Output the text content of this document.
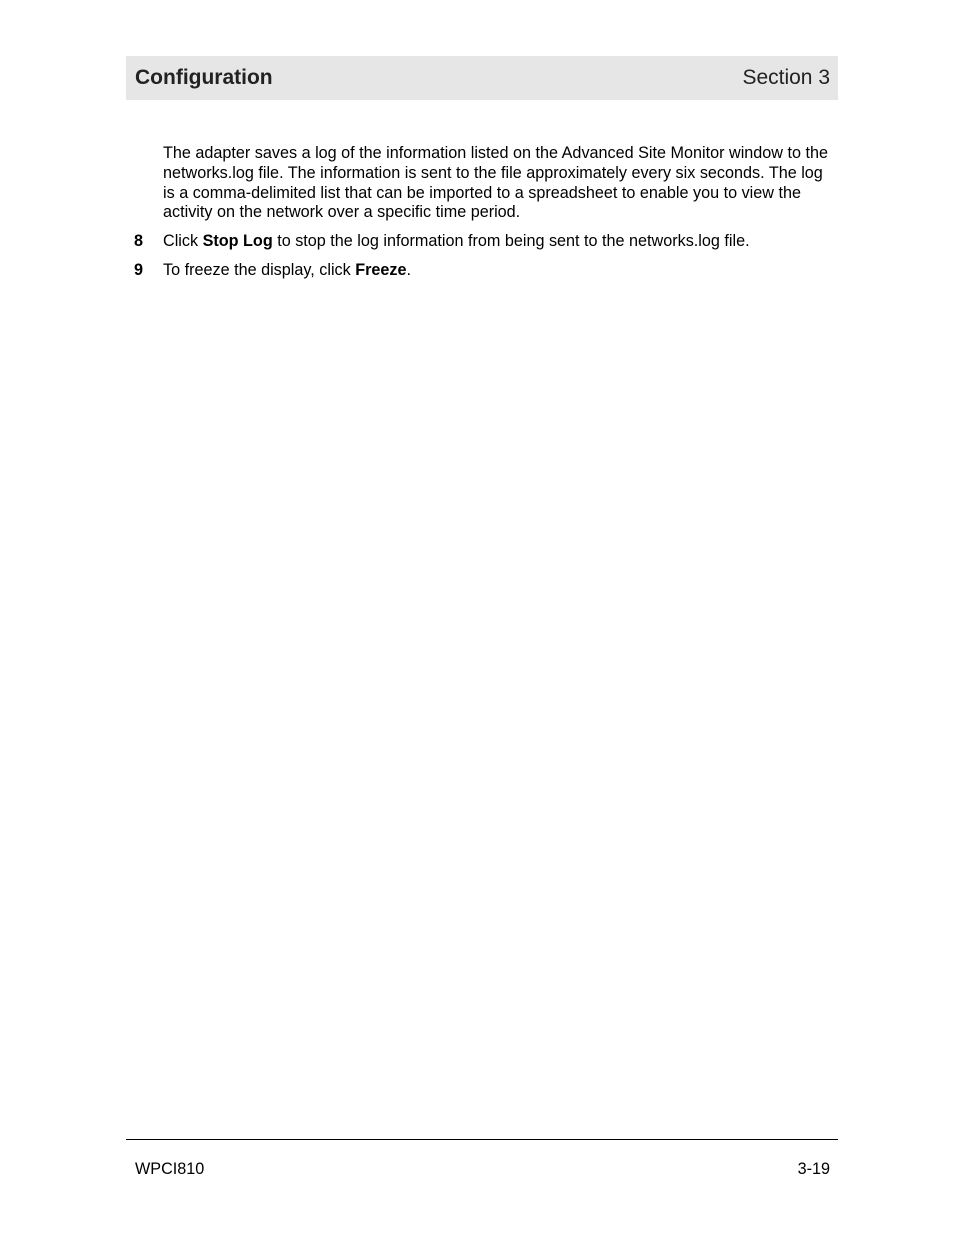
Configuration	Section 3
The adapter saves a log of the information listed on the Advanced Site Monitor window to the networks.log file. The information is sent to the file approximately every six seconds. The log is a comma-delimited list that can be imported to a spreadsheet to enable you to view the activity on the network over a specific time period.
8 Click Stop Log to stop the log information from being sent to the networks.log file.
9 To freeze the display, click Freeze.
WPCI810	3-19
